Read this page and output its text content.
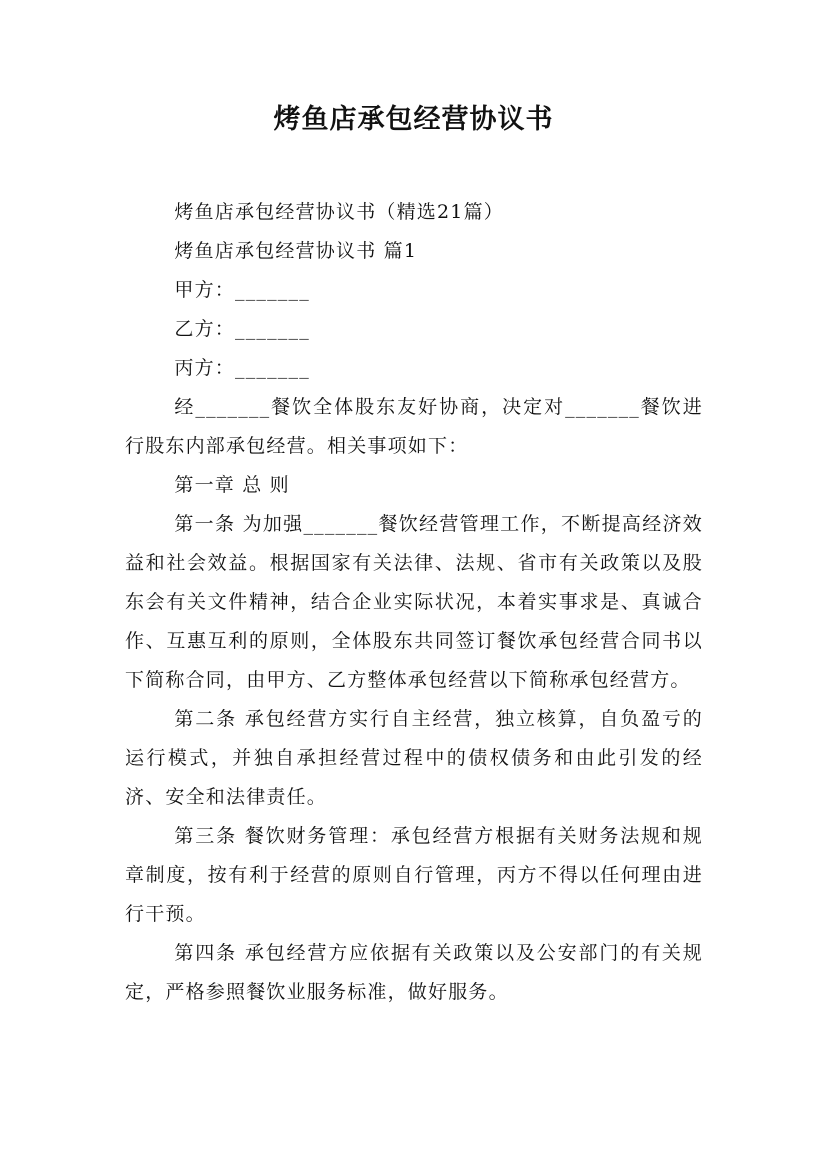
烤鱼店承包经营协议书

烤鱼店承包经营协议书（精选21篇）

烤鱼店承包经营协议书 篇1

甲方：_______

乙方：_______

丙方：_______

经_______餐饮全体股东友好协商，决定对_______餐饮进行股东内部承包经营。相关事项如下：

第一章 总 则

第一条 为加强_______餐饮经营管理工作，不断提高经济效益和社会效益。根据国家有关法律、法规、省市有关政策以及股东会有关文件精神，结合企业实际状况，本着实事求是、真诚合作、互惠互利的原则，全体股东共同签订餐饮承包经营合同书以下简称合同，由甲方、乙方整体承包经营以下简称承包经营方。

第二条 承包经营方实行自主经营，独立核算，自负盈亏的运行模式，并独自承担经营过程中的债权债务和由此引发的经济、安全和法律责任。

第三条 餐饮财务管理：承包经营方根据有关财务法规和规章制度，按有利于经营的原则自行管理，丙方不得以任何理由进行干预。

第四条 承包经营方应依据有关政策以及公安部门的有关规定，严格参照餐饮业服务标准，做好服务。
